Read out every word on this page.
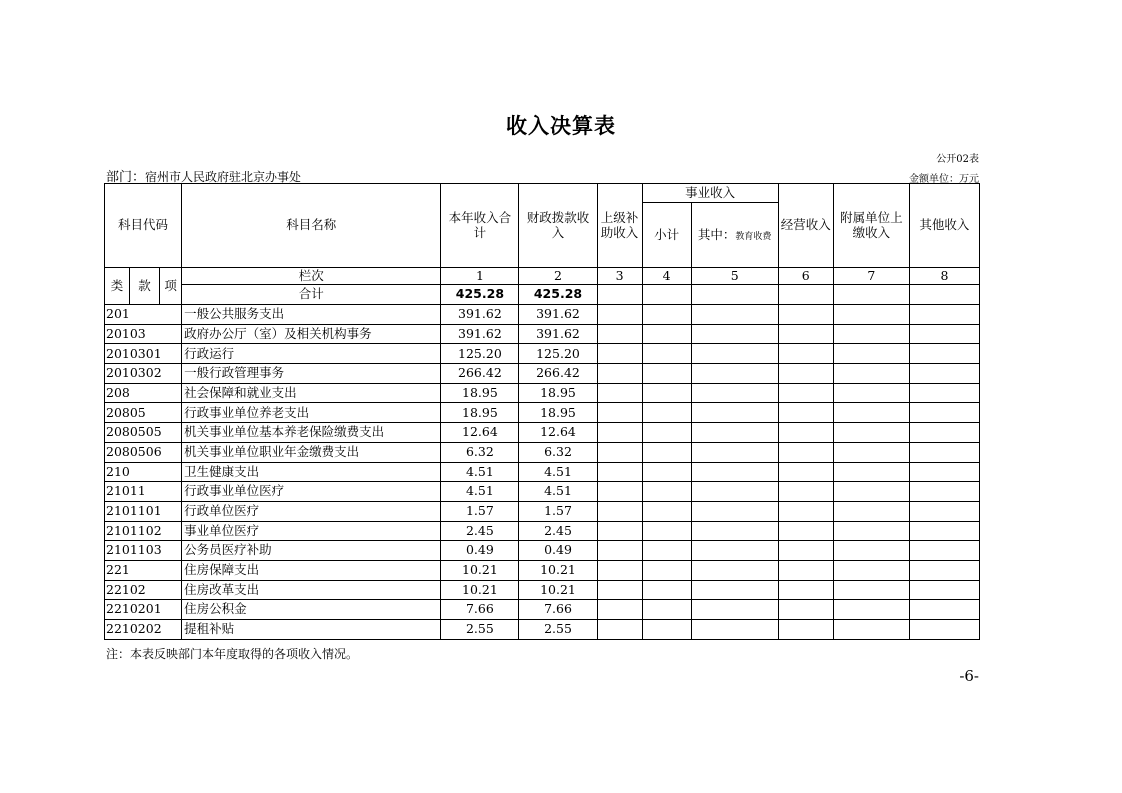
收入决算表
公开02表
部门：宿州市人民政府驻北京办事处	金额单位：万元
科目代码			科目名称	本年收入合计	财政拨款收入	上级补助收入	事业收入		经营收入	附属单位上缴收入	其他收入
							小计	其中：教育收费			
类	款	项	栏次	1	2	3	4	5	6	7	8
			合计	425.28	425.28						
201			一般公共服务支出	391.62	391.62						
20103			政府办公厅（室）及相关机构事务	391.62	391.62						
2010301			行政运行	125.20	125.20						
2010302			一般行政管理事务	266.42	266.42						
208			社会保障和就业支出	18.95	18.95						
20805			行政事业单位养老支出	18.95	18.95						
2080505			机关事业单位基本养老保险缴费支出	12.64	12.64						
2080506			机关事业单位职业年金缴费支出	6.32	6.32						
210			卫生健康支出	4.51	4.51						
21011			行政事业单位医疗	4.51	4.51						
2101101			行政单位医疗	1.57	1.57						
2101102			事业单位医疗	2.45	2.45						
2101103			公务员医疗补助	0.49	0.49						
221			住房保障支出	10.21	10.21						
22102			住房改革支出	10.21	10.21						
2210201			住房公积金	7.66	7.66						
2210202			提租补贴	2.55	2.55						
注：本表反映部门本年度取得的各项收入情况。
-6-
